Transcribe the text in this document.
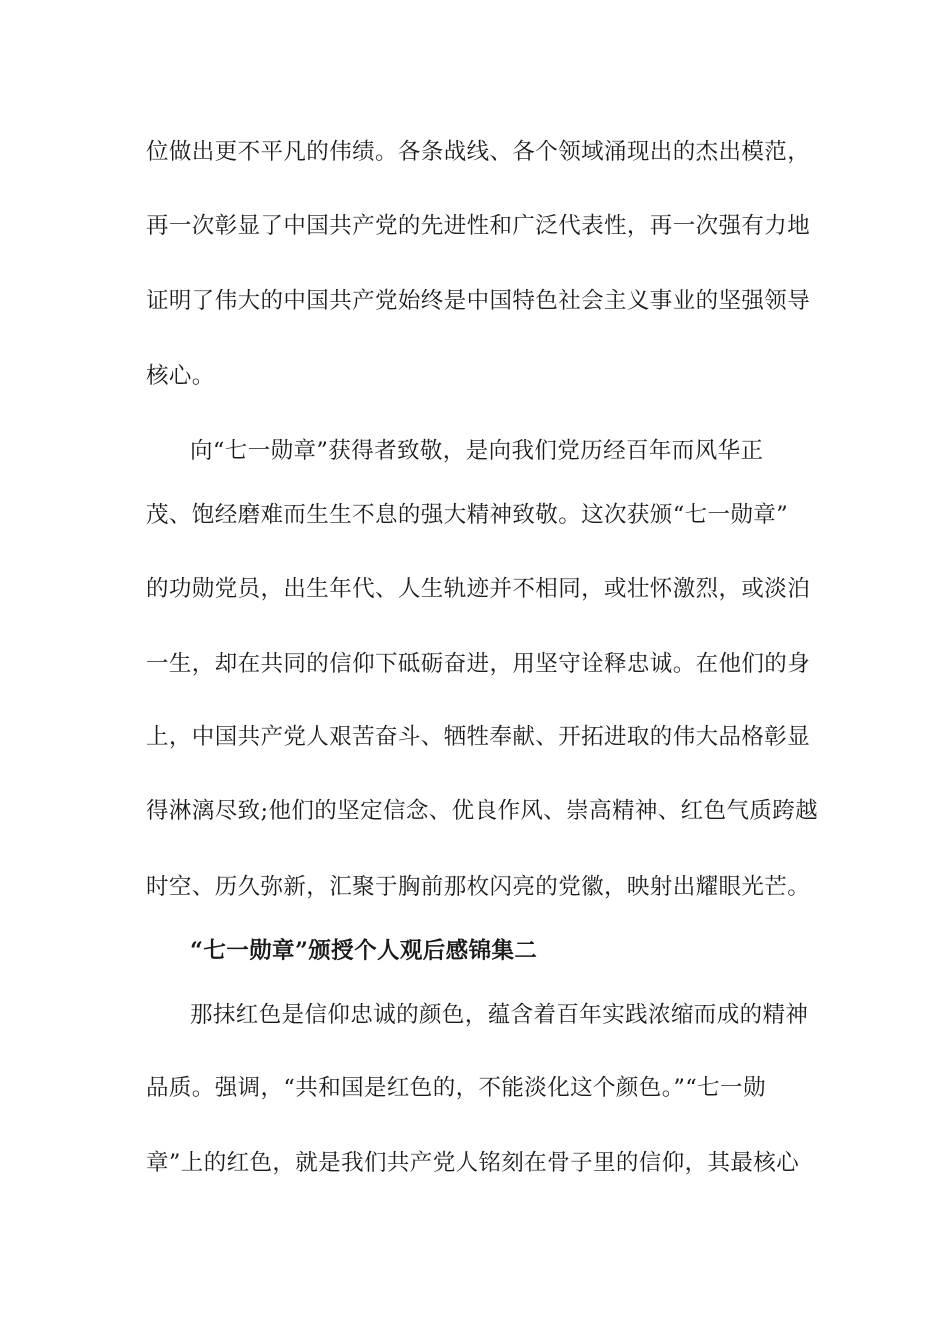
位做出更不平凡的伟绩。各条战线、各个领域涌现出的杰出模范，
再一次彰显了中国共产党的先进性和广泛代表性，再一次强有力地
证明了伟大的中国共产党始终是中国特色社会主义事业的坚强领导
核心。
向“七一勋章”获得者致敬，是向我们党历经百年而风华正
茂、饱经磨难而生生不息的强大精神致敬。这次获颁“七一勋章”
的功勋党员，出生年代、人生轨迹并不相同，或壮怀激烈，或淡泊
一生，却在共同的信仰下砥砺奋进，用坚守诠释忠诚。在他们的身
上，中国共产党人艰苦奋斗、牺牲奉献、开拓进取的伟大品格彰显
得淋漓尽致;他们的坚定信念、优良作风、崇高精神、红色气质跨越
时空、历久弥新，汇聚于胸前那枚闪亮的党徽，映射出耀眼光芒。
“七一勋章”颁授个人观后感锦集二
那抹红色是信仰忠诚的颜色，蕴含着百年实践浓缩而成的精神
品质。强调，“共和国是红色的，不能淡化这个颜色。”“七一勋
章”上的红色，就是我们共产党人铭刻在骨子里的信仰，其最核心
